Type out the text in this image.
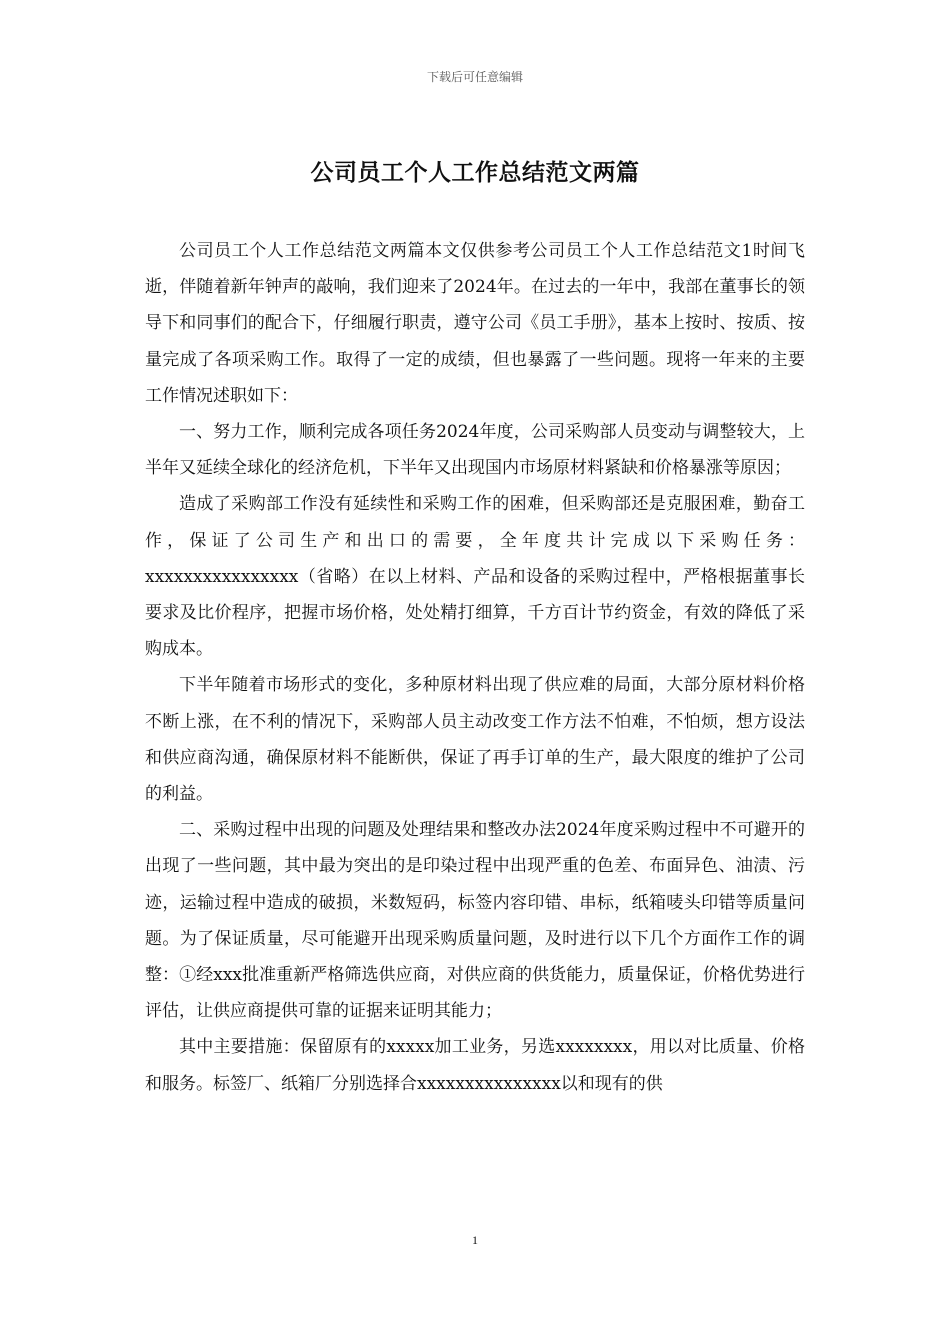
下载后可任意编辑
公司员工个人工作总结范文两篇

公司员工个人工作总结范文两篇本文仅供参考公司员工个人工作总结范文1时间飞逝，伴随着新年钟声的敲响，我们迎来了2024年。在过去的一年中，我部在董事长的领导下和同事们的配合下，仔细履行职责，遵守公司《员工手册》，基本上按时、按质、按量完成了各项采购工作。取得了一定的成绩，但也暴露了一些问题。现将一年来的主要工作情况述职如下：

一、努力工作，顺利完成各项任务2024年度，公司采购部人员变动与调整较大，上半年又延续全球化的经济危机，下半年又出现国内市场原材料紧缺和价格暴涨等原因；

造成了采购部工作没有延续性和采购工作的困难，但采购部还是克服困难，勤奋工作，保证了公司生产和出口的需要，全年度共计完成以下采购任务：xxxxxxxxxxxxxxxx（省略）在以上材料、产品和设备的采购过程中，严格根据董事长要求及比价程序，把握市场价格，处处精打细算，千方百计节约资金，有效的降低了采购成本。

下半年随着市场形式的变化，多种原材料出现了供应难的局面，大部分原材料价格不断上涨，在不利的情况下，采购部人员主动改变工作方法不怕难，不怕烦，想方设法和供应商沟通，确保原材料不能断供，保证了再手订单的生产，最大限度的维护了公司的利益。

二、采购过程中出现的问题及处理结果和整改办法2024年度采购过程中不可避开的出现了一些问题，其中最为突出的是印染过程中出现严重的色差、布面异色、油渍、污迹，运输过程中造成的破损，米数短码，标签内容印错、串标，纸箱唛头印错等质量问题。为了保证质量，尽可能避开出现采购质量问题，及时进行以下几个方面作工作的调整：①经xxx批准重新严格筛选供应商，对供应商的供货能力，质量保证，价格优势进行评估，让供应商提供可靠的证据来证明其能力；

其中主要措施：保留原有的xxxxx加工业务，另选xxxxxxxx，用以对比质量、价格和服务。标签厂、纸箱厂分别选择合xxxxxxxxxxxxxxx以和现有的供

1
